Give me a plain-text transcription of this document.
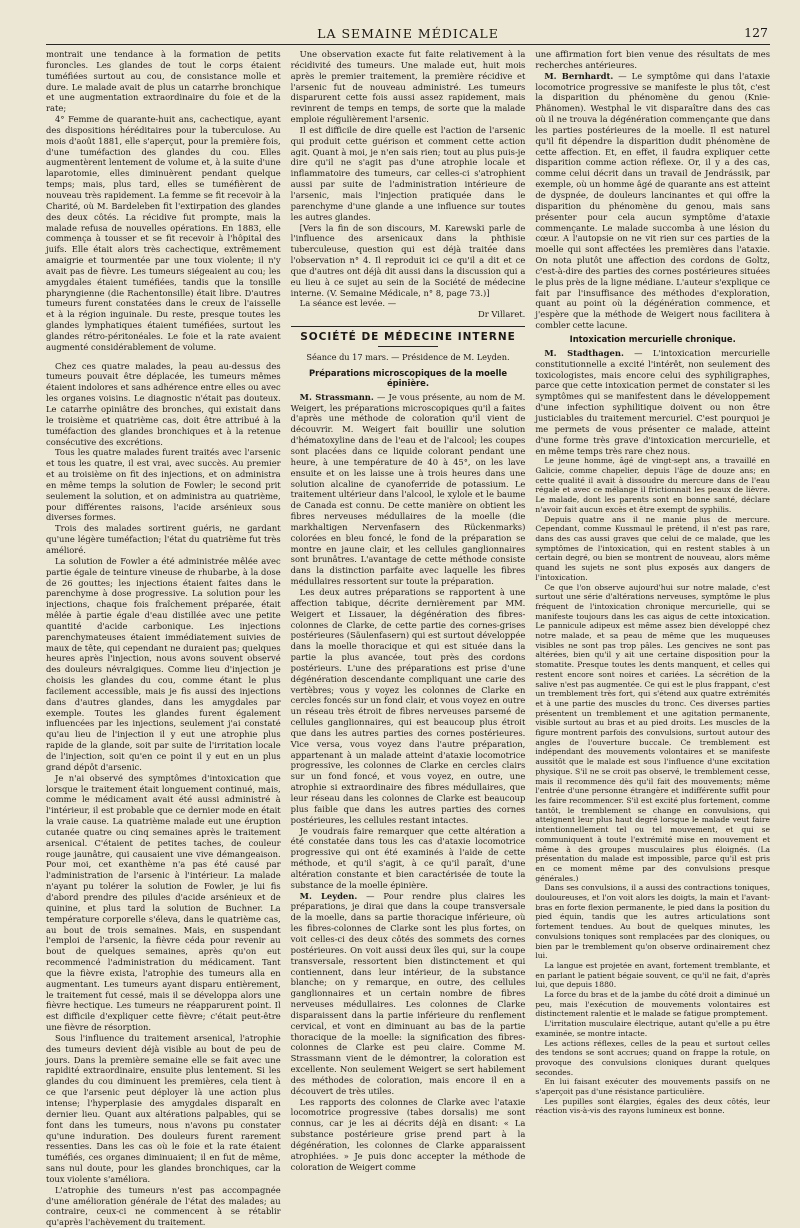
LA SEMAINE MÉDICALE	127

montrait une tendance à la formation de petits furoncles. Les glandes de tout le corps étaient tuméfiées surtout au cou, de consistance molle et dure. Le malade avait de plus un catarrhe bronchique et une augmentation extraordinaire du foie et de la rate;

4° Femme de quarante-huit ans, cachectique, ayant des dispositions héréditaires pour la tuberculose. Au mois d'août 1881, elle s'aperçut, pour la première fois, d'une tuméfaction des glandes du cou. Elles augmentèrent lentement de volume et, à la suite d'une laparotomie, elles diminuèrent pendant quelque temps; mais, plus tard, elles se tuméfièrent de nouveau très rapidement. La femme se fit recevoir à la Charité, où M. Bardeleben fit l'extirpation des glandes des deux côtés. La récidive fut prompte, mais la malade refusa de nouvelles opérations. En 1883, elle commença à tousser et se fit recevoir à l'hôpital des juifs. Elle était alors très cachectique, extrêmement amaigrie et tourmentée par une toux violente; il n'y avait pas de fièvre. Les tumeurs siégeaient au cou; les amygdales étaient tuméfiées, tandis que la tonsille pharyngienne (die Rachentonsille) était libre. D'autres tumeurs furent constatées dans le creux de l'aisselle et à la région inguinale. Du reste, presque toutes les glandes lymphatiques étaient tuméfiées, surtout les glandes rétro-péritonéales. Le foie et la rate avaient augmenté considérablement de volume.

Chez ces quatre malades, la peau au-dessus des tumeurs pouvait être déplacée, les tumeurs mêmes étaient indolores et sans adhérence entre elles ou avec les organes voisins. Le diagnostic n'était pas douteux. Le catarrhe opiniâtre des bronches, qui existait dans le troisième et quatrième cas, doit être attribué à la tuméfaction des glandes bronchiques et à la retenue consécutive des excrétions.

Tous les quatre malades furent traités avec l'arsenic et tous les quatre, il est vrai, avec succès. Au premier et au troisième on fit des injections, et on administra en même temps la solution de Fowler; le second prit seulement la solution, et on administra au quatrième, pour différentes raisons, l'acide arsénieux sous diverses formes.

Trois des malades sortirent guéris, ne gardant qu'une légère tuméfaction; l'état du quatrième fut très amélioré.

La solution de Fowler a été administrée mêlée avec partie égale de teinture vineuse de rhubarbe, à la dose de 26 gouttes; les injections étaient faites dans le parenchyme à dose progressive. La solution pour les injections, chaque fois fraîchement préparée, était mêlée à partie égale d'eau distillée avec une petite quantité d'acide carbonique. Les injections parenchymateuses étaient immédiatement suivies de maux de tête, qui cependant ne duraient pas; quelques heures après l'injection, nous avons souvent observé des douleurs névralgiques. Comme lieu d'injection je choisis les glandes du cou, comme étant le plus facilement accessible, mais je fis aussi des injections dans d'autres glandes, dans les amygdales par exemple. Toutes les glandes furent également influencées par les injections, seulement j'ai constaté qu'au lieu de l'injection il y eut une atrophie plus rapide de la glande, soit par suite de l'irritation locale de l'injection, soit qu'en ce point il y eut en un plus grand dépôt d'arsenic.

Je n'ai observé des symptômes d'intoxication que lorsque le traitement était longuement continué, mais, comme le médicament avait été aussi administré à l'intérieur, il est probable que ce dernier mode en était la vraie cause. La quatrième malade eut une éruption cutanée quatre ou cinq semaines après le traitement arsenical. C'étaient de petites taches, de couleur rouge jaunâtre, qui causaient une vive démangeaison. Pour moi, cet exanthème n'a pas été causé par l'administration de l'arsenic à l'intérieur. La malade n'ayant pu tolérer la solution de Fowler, je lui fis d'abord prendre des pilules d'acide arsénieux et de quinine, et plus tard la solution de Buchner. La température corporelle s'éleva, dans le quatrième cas, au bout de trois semaines. Mais, en suspendant l'emploi de l'arsenic, la fièvre céda pour revenir au bout de quelques semaines, après qu'on eut recommencé l'administration du médicament. Tant que la fièvre exista, l'atrophie des tumeurs alla en augmentant. Les tumeurs ayant disparu entièrement, le traitement fut cessé, mais il se développa alors une fièvre hectique. Les tumeurs ne réapparurent point. Il est difficile d'expliquer cette fièvre; c'était peut-être une fièvre de résorption.

Sous l'influence du traitement arsenical, l'atrophie des tumeurs devient déjà visible au bout de peu de jours. Dans la première semaine elle se fait avec une rapidité extraordinaire, ensuite plus lentement. Si les glandes du cou diminuent les premières, cela tient à ce que l'arsenic peut déployer là une action plus intense; l'hyperplasie des amygdales disparaît en dernier lieu. Quant aux altérations palpables, qui se font dans les tumeurs, nous n'avons pu constater qu'une induration. Des douleurs furent rarement ressenties. Dans les cas où le foie et la rate étaient tuméfiés, ces organes diminuaient; il en fut de même, sans nul doute, pour les glandes bronchiques, car la toux violente s'améliora.

L'atrophie des tumeurs n'est pas accompagnée d'une amélioration générale de l'état des malades; au contraire, ceux-ci ne commencent à se rétablir qu'après l'achèvement du traitement.

Une observation exacte fut faite relativement à la récidivité des tumeurs. Une malade eut, huit mois après le premier traitement, la première récidive et l'arsenic fut de nouveau administré. Les tumeurs disparurent cette fois aussi assez rapidement, mais revinrent de temps en temps, de sorte que la malade emploie régulièrement l'arsenic.

Il est difficile de dire quelle est l'action de l'arsenic qui produit cette guérison et comment cette action agit. Quant à moi, je n'en sais rien; tout au plus puis-je dire qu'il ne s'agit pas d'une atrophie locale et inflammatoire des tumeurs, car celles-ci s'atrophient aussi par suite de l'administration intérieure de l'arsenic, mais l'injection pratiquée dans le parenchyme d'une glande a une influence sur toutes les autres glandes.

[Vers la fin de son discours, M. Karewski parle de l'influence des arsenicaux dans la phthisie tuberculeuse, question qui est déjà traitée dans l'observation n° 4. Il reproduit ici ce qu'il a dit et ce que d'autres ont déjà dit aussi dans la discussion qui a eu lieu à ce sujet au sein de la Société de médecine interne. (V. Semaine Médicale, n° 8, page 73.)]

La séance est levée. —

Dr Villaret.
SOCIÉTÉ DE MÉDECINE INTERNE
Séance du 17 mars. — Présidence de M. Leyden.
Préparations microscopiques de la moelle épinière.

M. Strassmann. — Je vous présente, au nom de M. Weigert, les préparations microscopiques qu'il a faites d'après une méthode de coloration qu'il vient de découvrir. M. Weigert fait bouillir une solution d'hématoxyline dans de l'eau et de l'alcool; les coupes sont placées dans ce liquide colorant pendant une heure, à une température de 40 à 45°, on les lave ensuite et on les laisse une à trois heures dans une solution alcaline de cyanoferride de potassium. Le traitement ultérieur dans l'alcool, le xylole et le baume de Canada est connu. De cette manière on obtient les fibres nerveuses médullaires de la moelle (die markhaltigen Nervenfasern des Rückenmarks) colorées en bleu foncé, le fond de la préparation se montre en jaune clair, et les cellules ganglionnaires sont brunâtres. L'avantage de cette méthode consiste dans la distinction parfaite avec laquelle les fibres médullaires ressortent sur toute la préparation.

Les deux autres préparations se rapportent à une affection tabique, décrite dernièrement par MM. Weigert et Lissauer, la dégénération des fibres-colonnes de Clarke, de cette partie des cornes-grises postérieures (Säulenfasern) qui est surtout développée dans la moelle thoracique et qui est située dans la partie la plus avancée, tout près des cordons postérieurs. L'une des préparations est prise d'une dégénération descendante compliquant une carie des vertèbres; vous y voyez les colonnes de Clarke en cercles foncés sur un fond clair, et vous voyez en outre un réseau très étroit de fibres nerveuses parsemé de cellules ganglionnaires, qui est beaucoup plus étroit que dans les autres parties des cornes postérieures. Vice versa, vous voyez dans l'autre préparation, appartenant à un malade atteint d'ataxie locomotrice progressive, les colonnes de Clarke en cercles clairs sur un fond foncé, et vous voyez, en outre, une atrophie si extraordinaire des fibres médullaires, que leur réseau dans les colonnes de Clarke est beaucoup plus faible que dans les autres parties des cornes postérieures, les cellules restant intactes.

Je voudrais faire remarquer que cette altération a été constatée dans tous les cas d'ataxie locomotrice progressive qui ont été examinés à l'aide de cette méthode, et qu'il s'agit, à ce qu'il paraît, d'une altération constante et bien caractérisée de toute la substance de la moelle épinière.

M. Leyden. — Pour rendre plus claires les préparations, je dirai que dans la coupe transversale de la moelle, dans sa partie thoracique inférieure, où les fibres-colonnes de Clarke sont les plus fortes, on voit celles-ci des deux côtés des sommets des cornes postérieures. On voit aussi deux îles qui, sur la coupe transversale, ressortent bien distinctement et qui contiennent, dans leur intérieur, de la substance blanche; on y remarque, en outre, des cellules ganglionnaires et un certain nombre de fibres nerveuses médullaires. Les colonnes de Clarke disparaissent dans la partie inférieure du renflement cervical, et vont en diminuant au bas de la partie thoracique de la moelle: la signification des fibres-colonnes de Clarke est peu claire. Comme M. Strassmann vient de le démontrer, la coloration est excellente. Non seulement Weigert se sert habilement des méthodes de coloration, mais encore il en a découvert de très utiles.

Les rapports des colonnes de Clarke avec l'ataxie locomotrice progressive (tabes dorsalis) me sont connus, car je les ai décrits déjà en disant: « La substance postérieure grise prend part à la dégénération, les colonnes de Clarke apparaissent atrophiées. » Je puis donc accepter la méthode de coloration de Weigert comme

une affirmation fort bien venue des résultats de mes recherches antérieures.

M. Bernhardt. — Le symptôme qui dans l'ataxie locomotrice progressive se manifeste le plus tôt, c'est la disparition du phénomène du genou (Knie-Phänomen). Westphal le vit disparaître dans des cas où il ne trouva la dégénération commençante que dans les parties postérieures de la moelle. Il est naturel qu'il fit dépendre la disparition dudit phénomène de cette affection. Et, en effet, il faudra expliquer cette disparition comme action réflexe. Or, il y a des cas, comme celui décrit dans un travail de Jendrássik, par exemple, où un homme âgé de quarante ans est atteint de dyspnée, de douleurs lancinantes et qui offre la disparition du phénomène du genou, mais sans présenter pour cela aucun symptôme d'ataxie commençante. Le malade succomba à une lésion du cœur. A l'autopsie on ne vit rien sur ces parties de la moelle qui sont affectées les premières dans l'ataxie. On nota plutôt une affection des cordons de Goltz, c'est-à-dire des parties des cornes postérieures situées le plus près de la ligne médiane. L'auteur s'explique ce fait par l'insuffisance des méthodes d'exploration, quant au point où la dégénération commence, et j'espère que la méthode de Weigert nous facilitera à combler cette lacune.

Intoxication mercurielle chronique.

M. Stadthagen. — L'intoxication mercurielle constitutionnelle a excité l'intérêt, non seulement des toxicologistes, mais encore celui des syphiligraphes, parce que cette intoxication permet de constater si les symptômes qui se manifestent dans le développement d'une infection syphilitique doivent ou non être justiciables du traitement mercuriel. C'est pourquoi je me permets de vous présenter ce malade, atteint d'une forme très grave d'intoxication mercurielle, et en même temps très rare chez nous.

Le jeune homme, âgé de vingt-sept ans, a travaillé en Galicie, comme chapelier, depuis l'âge de douze ans; en cette qualité il avait à dissoudre du mercure dans de l'eau régale et avec ce mélange il frictionnait les peaux de lièvre. Le malade, dont les parents sont en bonne santé, déclare n'avoir fait aucun excès et être exempt de syphilis.

Depuis quatre ans il ne manie plus de mercure. Cependant, comme Kussmaul le prétend, il n'est pas rare, dans des cas aussi graves que celui de ce malade, que les symptômes de l'intoxication, qui en restent stables à un certain degré, ou bien se montrent de nouveau, alors même quand les sujets ne sont plus exposés aux dangers de l'intoxication.

Ce que l'on observe aujourd'hui sur notre malade, c'est surtout une série d'altérations nerveuses, symptôme le plus fréquent de l'intoxication chronique mercurielle, qui se manifeste toujours dans les cas aigus de cette intoxication. Le pannicule adipeux est même assez bien développé chez notre malade, et sa peau de même que les muqueuses visibles ne sont pas trop pâles. Les gencives ne sont pas altérées, bien qu'il y ait une certaine disposition pour la stomatite. Presque toutes les dents manquent, et celles qui restent encore sont noires et cariées. La sécrétion de la salive n'est pas augmentée. Ce qui est le plus frappant, c'est un tremblement très fort, qui s'étend aux quatre extrémités et à une partie des muscles du tronc. Ces diverses parties présentent un tremblement et une agitation permanente, visible surtout au bras et au pied droits. Les muscles de la figure montrent parfois des convulsions, surtout autour des angles de l'ouverture buccale. Ce tremblement est indépendant des mouvements volontaires et se manifeste aussitôt que le malade est sous l'influence d'une excitation physique. S'il ne se croit pas observé, le tremblement cesse, mais il recommence dès qu'il fait des mouvements; même l'entrée d'une personne étrangère et indifférente suffit pour les faire recommencer. S'il est excité plus fortement, comme tantôt, le tremblement se change en convulsions, qui atteignent leur plus haut degré lorsque le malade veut faire intentionnellement tel ou tel mouvement, et qui se communiquent à toute l'extrémité mise en mouvement et même à des groupes musculaires plus éloignés. (La présentation du malade est impossible, parce qu'il est pris en ce moment même par des convulsions presque générales.)

Dans ses convulsions, il a aussi des contractions toniques, douloureuses, et l'on voit alors les doigts, la main et l'avant-bras en forte flexion permanente, le pied dans la position du pied équin, tandis que les autres articulations sont fortement tendues. Au bout de quelques minutes, les convulsions toniques sont remplacées par des cloniques, ou bien par le tremblement qu'on observe ordinairement chez lui.

La langue est projetée en avant, fortement tremblante, et en parlant le patient bégaie souvent, ce qu'il ne fait, d'après lui, que depuis 1880.

La force du bras et de la jambe du côté droit a diminué un peu, mais l'exécution de mouvements volontaires est distinctement ralentie et le malade se fatigue promptement.

L'irritation musculaire électrique, autant qu'elle a pu être examinée, se montre intacte.

Les actions réflexes, celles de la peau et surtout celles des tendons se sont accrues; quand on frappe la rotule, on provoque des convulsions cloniques durant quelques secondes.

En lui faisant exécuter des mouvements passifs on ne s'aperçoit pas d'une résistance particulière.

Les pupilles sont élargies, égales des deux côtés, leur réaction vis-à-vis des rayons lumineux est bonne.
